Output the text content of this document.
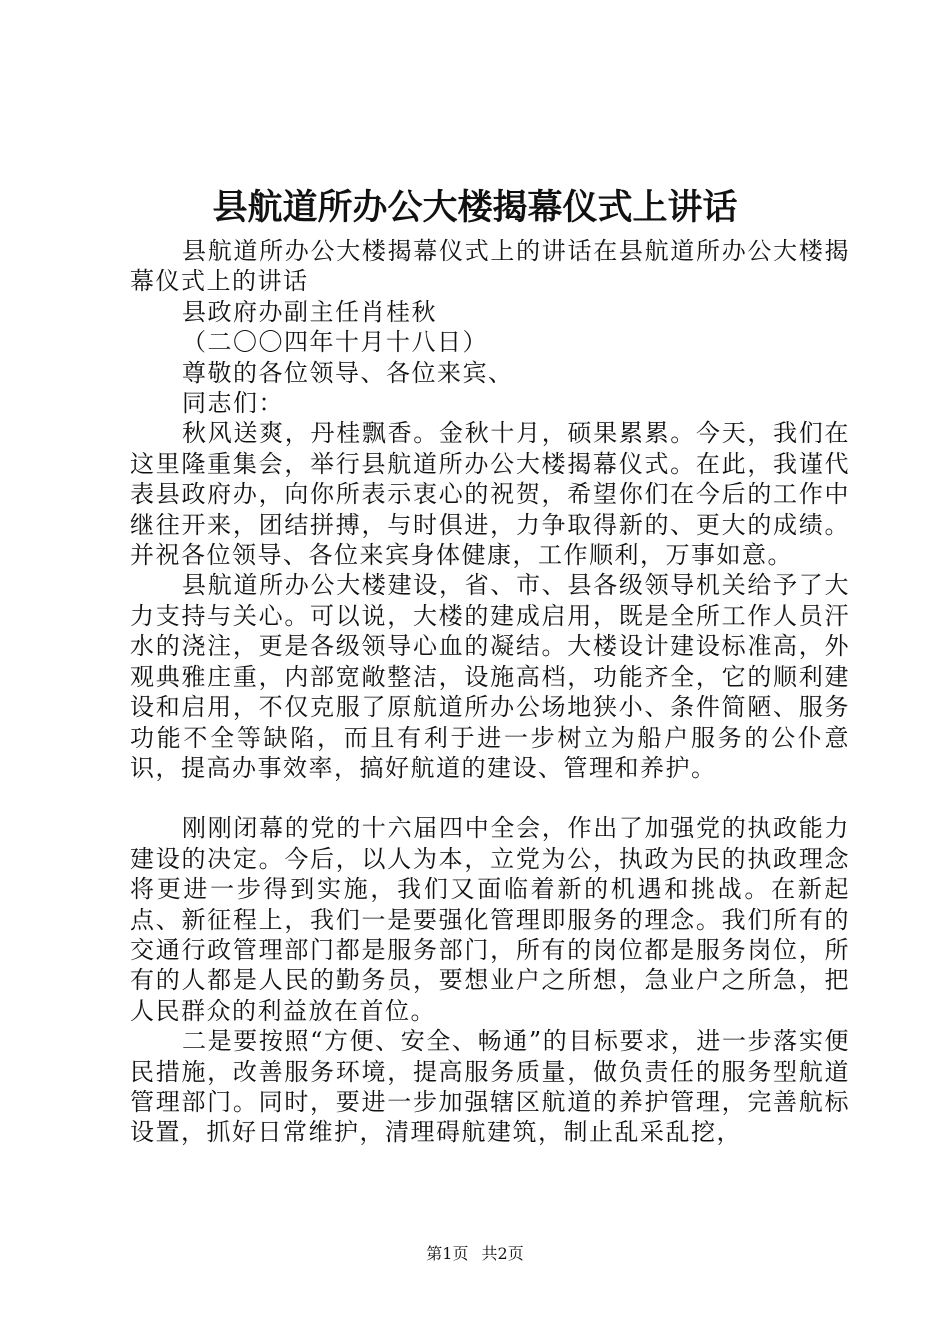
县航道所办公大楼揭幕仪式上讲话

县航道所办公大楼揭幕仪式上的讲话在县航道所办公大楼揭幕仪式上的讲话

县政府办副主任肖桂秋

（二〇〇四年十月十八日）

尊敬的各位领导、各位来宾、

同志们：

秋风送爽，丹桂飘香。金秋十月，硕果累累。今天，我们在这里隆重集会，举行县航道所办公大楼揭幕仪式。在此，我谨代表县政府办，向你所表示衷心的祝贺，希望你们在今后的工作中继往开来，团结拼搏，与时俱进，力争取得新的、更大的成绩。并祝各位领导、各位来宾身体健康，工作顺利，万事如意。

县航道所办公大楼建设，省、市、县各级领导机关给予了大力支持与关心。可以说，大楼的建成启用，既是全所工作人员汗水的浇注，更是各级领导心血的凝结。大楼设计建设标准高，外观典雅庄重，内部宽敞整洁，设施高档，功能齐全，它的顺利建设和启用，不仅克服了原航道所办公场地狭小、条件简陋、服务功能不全等缺陷，而且有利于进一步树立为船户服务的公仆意识，提高办事效率，搞好航道的建设、管理和养护。

刚刚闭幕的党的十六届四中全会，作出了加强党的执政能力建设的决定。今后，以人为本，立党为公，执政为民的执政理念将更进一步得到实施，我们又面临着新的机遇和挑战。在新起点、新征程上，我们一是要强化管理即服务的理念。我们所有的交通行政管理部门都是服务部门，所有的岗位都是服务岗位，所有的人都是人民的勤务员，要想业户之所想，急业户之所急，把人民群众的利益放在首位。

二是要按照“方便、安全、畅通”的目标要求，进一步落实便民措施，改善服务环境，提高服务质量，做负责任的服务型航道管理部门。同时，要进一步加强辖区航道的养护管理，完善航标设置，抓好日常维护，清理碍航建筑，制止乱采乱挖，

第1页 共2页
